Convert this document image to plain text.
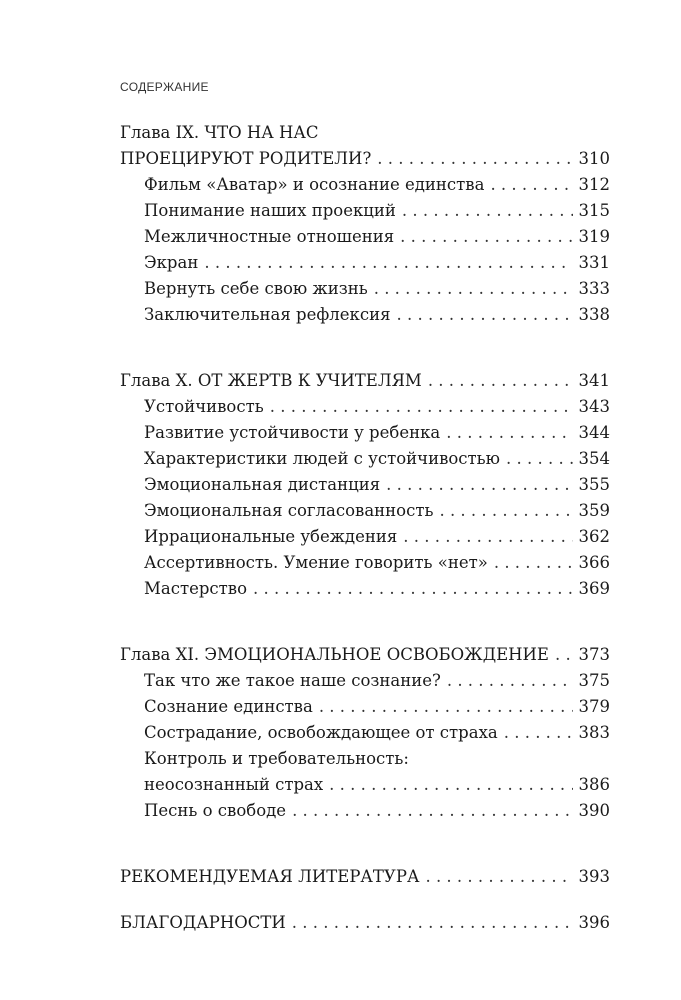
СОДЕРЖАНИЕ
Глава IX. ЧТО НА НАС
ПРОЕЦИРУЮТ РОДИТЕЛИ? . . .	310
Фильм «Аватар» и осознание единства . . .	312
Понимание наших проекций . . .	315
Межличностные отношения . . .	319
Экран . . .	331
Вернуть себе свою жизнь . . .	333
Заключительная рефлексия . . .	338
Глава X. ОТ ЖЕРТВ К УЧИТЕЛЯМ . . .	341
Устойчивость . . .	343
Развитие устойчивости у ребенка . . .	344
Характеристики людей с устойчивостью . . .	354
Эмоциональная дистанция . . .	355
Эмоциональная согласованность . . .	359
Иррациональные убеждения . . .	362
Ассертивность. Умение говорить «нет» . . .	366
Мастерство . . .	369
Глава XI. ЭМОЦИОНАЛЬНОЕ ОСВОБОЖДЕНИЕ . . . 373
Так что же такое наше сознание? . . .	375
Сознание единства . . .	379
Сострадание, освобождающее от страха . . .	383
Контроль и требовательность:
неосознанный страх . . .	386
Песнь о свободе . . .	390
РЕКОМЕНДУЕМАЯ ЛИТЕРАТУРА . . .	393
БЛАГОДАРНОСТИ . . .	396
